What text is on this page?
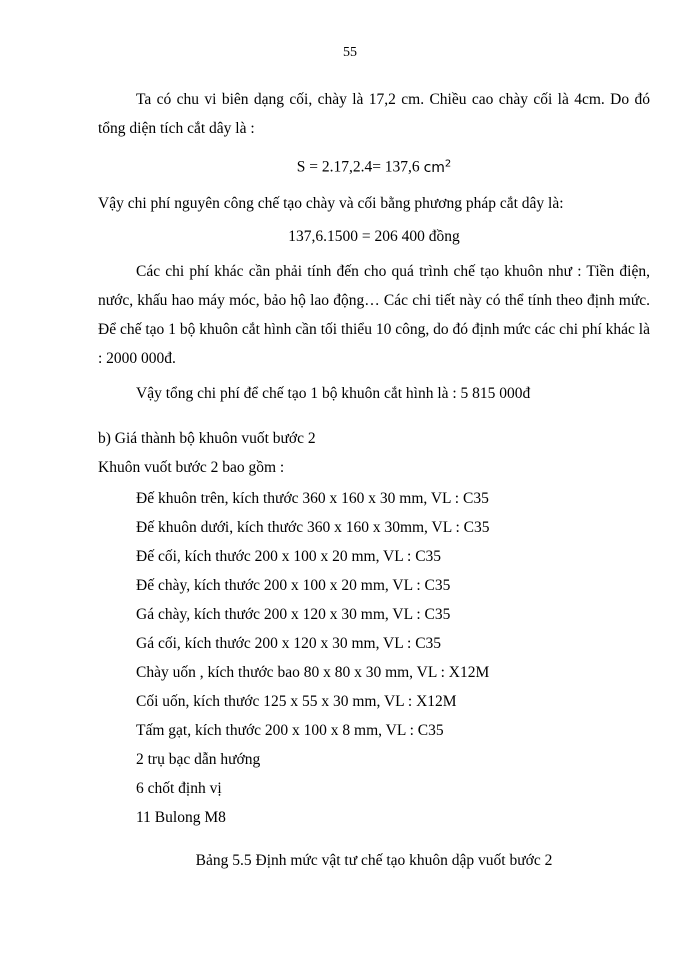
55

Ta có chu vi biên dạng cối, chày là 17,2 cm. Chiều cao chày cối là 4cm. Do đó tổng diện tích cắt dây là :

S = 2.17,2.4= 137,6 $cm^2$

Vậy chi phí nguyên công chế tạo chày và cối bằng phương pháp cắt dây là:

137,6.1500 = 206 400 đồng

Các chi phí khác cần phải tính đến cho quá trình chế tạo khuôn như : Tiền điện, nước, khấu hao máy móc, bảo hộ lao động… Các chi tiết này có thể tính theo định mức. Để chế tạo 1 bộ khuôn cắt hình cần tối thiểu 10 công, do đó định mức các chi phí khác là : 2000 000đ.

Vậy tổng chi phí để chế tạo 1 bộ khuôn cắt hình là : 5 815 000đ

b) Giá thành bộ khuôn vuốt bước 2

Khuôn vuốt bước 2 bao gồm :

Đế khuôn trên, kích thước 360 x 160 x 30 mm, VL : C35
Đế khuôn dưới, kích thước 360 x 160 x 30mm, VL : C35
Đế cối, kích thước 200 x 100 x 20 mm, VL : C35
Đế chày, kích thước 200 x 100 x 20 mm, VL : C35
Gá chày, kích thước 200 x 120 x 30 mm, VL : C35
Gá cối, kích thước 200 x 120 x 30 mm, VL : C35
Chày uốn , kích thước bao 80 x 80 x 30 mm, VL : X12M
Cối uốn, kích thước 125 x 55 x 30 mm, VL : X12M
Tấm gạt, kích thước 200 x 100 x 8 mm, VL : C35
2 trụ bạc dẫn hướng
6 chốt định vị
11 Bulong M8

Bảng 5.5 Định mức vật tư chế tạo khuôn dập vuốt bước 2
